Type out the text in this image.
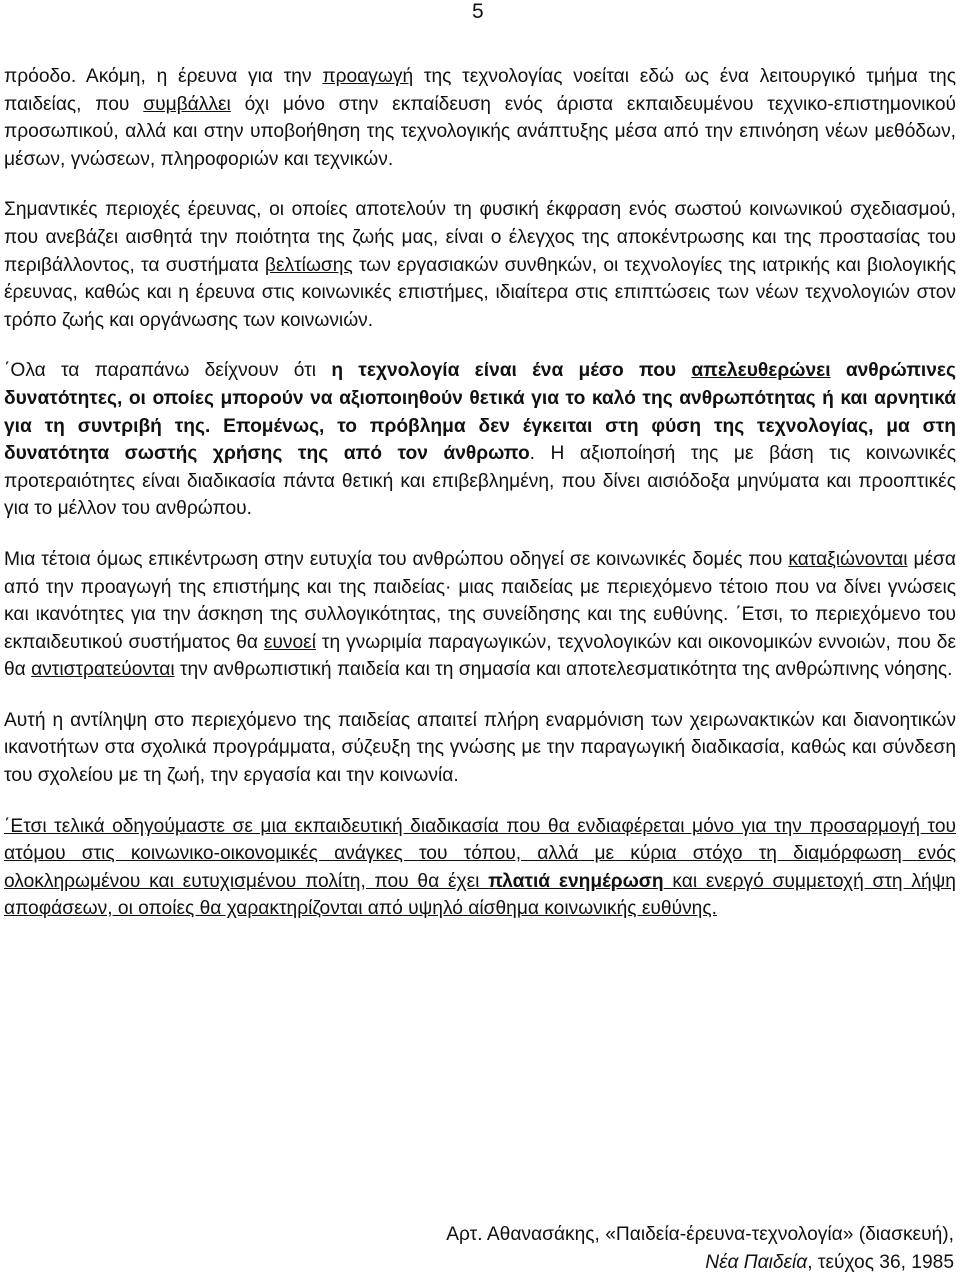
5

πρόοδο. Ακόμη, η έρευνα για την προαγωγή της τεχνολογίας νοείται εδώ ως ένα λειτουργικό τμήμα της παιδείας, που συμβάλλει όχι μόνο στην εκπαίδευση ενός άριστα εκπαιδευμένου τεχνικο-επιστημονικού προσωπικού, αλλά και στην υποβοήθηση της τεχνολογικής ανάπτυξης μέσα από την επινόηση νέων μεθόδων, μέσων, γνώσεων, πληροφοριών και τεχνικών.

Σημαντικές περιοχές έρευνας, οι οποίες αποτελούν τη φυσική έκφραση ενός σωστού κοινωνικού σχεδιασμού, που ανεβάζει αισθητά την ποιότητα της ζωής μας, είναι ο έλεγχος της αποκέντρωσης και της προστασίας του περιβάλλοντος, τα συστήματα βελτίωσης των εργασιακών συνθηκών, οι τεχνολογίες της ιατρικής και βιολογικής έρευνας, καθώς και η έρευνα στις κοινωνικές επιστήμες, ιδιαίτερα στις επιπτώσεις των νέων τεχνολογιών στον τρόπο ζωής και οργάνωσης των κοινωνιών.

΄Ολα τα παραπάνω δείχνουν ότι η τεχνολογία είναι ένα μέσο που απελευθερώνει ανθρώπινες δυνατότητες, οι οποίες μπορούν να αξιοποιηθούν θετικά για το καλό της ανθρωπότητας ή και αρνητικά για τη συντριβή της. Επομένως, το πρόβλημα δεν έγκειται στη φύση της τεχνολογίας, μα στη δυνατότητα σωστής χρήσης της από τον άνθρωπο. Η αξιοποίησή της με βάση τις κοινωνικές προτεραιότητες είναι διαδικασία πάντα θετική και επιβεβλημένη, που δίνει αισιόδοξα μηνύματα και προοπτικές για το μέλλον του ανθρώπου.

Μια τέτοια όμως επικέντρωση στην ευτυχία του ανθρώπου οδηγεί σε κοινωνικές δομές που καταξιώνονται μέσα από την προαγωγή της επιστήμης και της παιδείας· μιας παιδείας με περιεχόμενο τέτοιο που να δίνει γνώσεις και ικανότητες για την άσκηση της συλλογικότητας, της συνείδησης και της ευθύνης. ΄Ετσι, το περιεχόμενο του εκπαιδευτικού συστήματος θα ευνοεί τη γνωριμία παραγωγικών, τεχνολογικών και οικονομικών εννοιών, που δε θα αντιστρατεύονται την ανθρωπιστική παιδεία και τη σημασία και αποτελεσματικότητα της ανθρώπινης νόησης.

Αυτή η αντίληψη στο περιεχόμενο της παιδείας απαιτεί πλήρη εναρμόνιση των χειρωνακτικών και διανοητικών ικανοτήτων στα σχολικά προγράμματα, σύζευξη της γνώσης με την παραγωγική διαδικασία, καθώς και σύνδεση του σχολείου με τη ζωή, την εργασία και την κοινωνία.

΄Ετσι τελικά οδηγούμαστε σε μια εκπαιδευτική διαδικασία που θα ενδιαφέρεται μόνο για την προσαρμογή του ατόμου στις κοινωνικο-οικονομικές ανάγκες του τόπου, αλλά με κύρια στόχο τη διαμόρφωση ενός ολοκληρωμένου και ευτυχισμένου πολίτη, που θα έχει πλατιά ενημέρωση και ενεργό συμμετοχή στη λήψη αποφάσεων, οι οποίες θα χαρακτηρίζονται από υψηλό αίσθημα κοινωνικής ευθύνης.

Αρτ. Αθανασάκης, «Παιδεία-έρευνα-τεχνολογία» (διασκευή),
Νέα Παιδεία, τεύχος 36, 1985
